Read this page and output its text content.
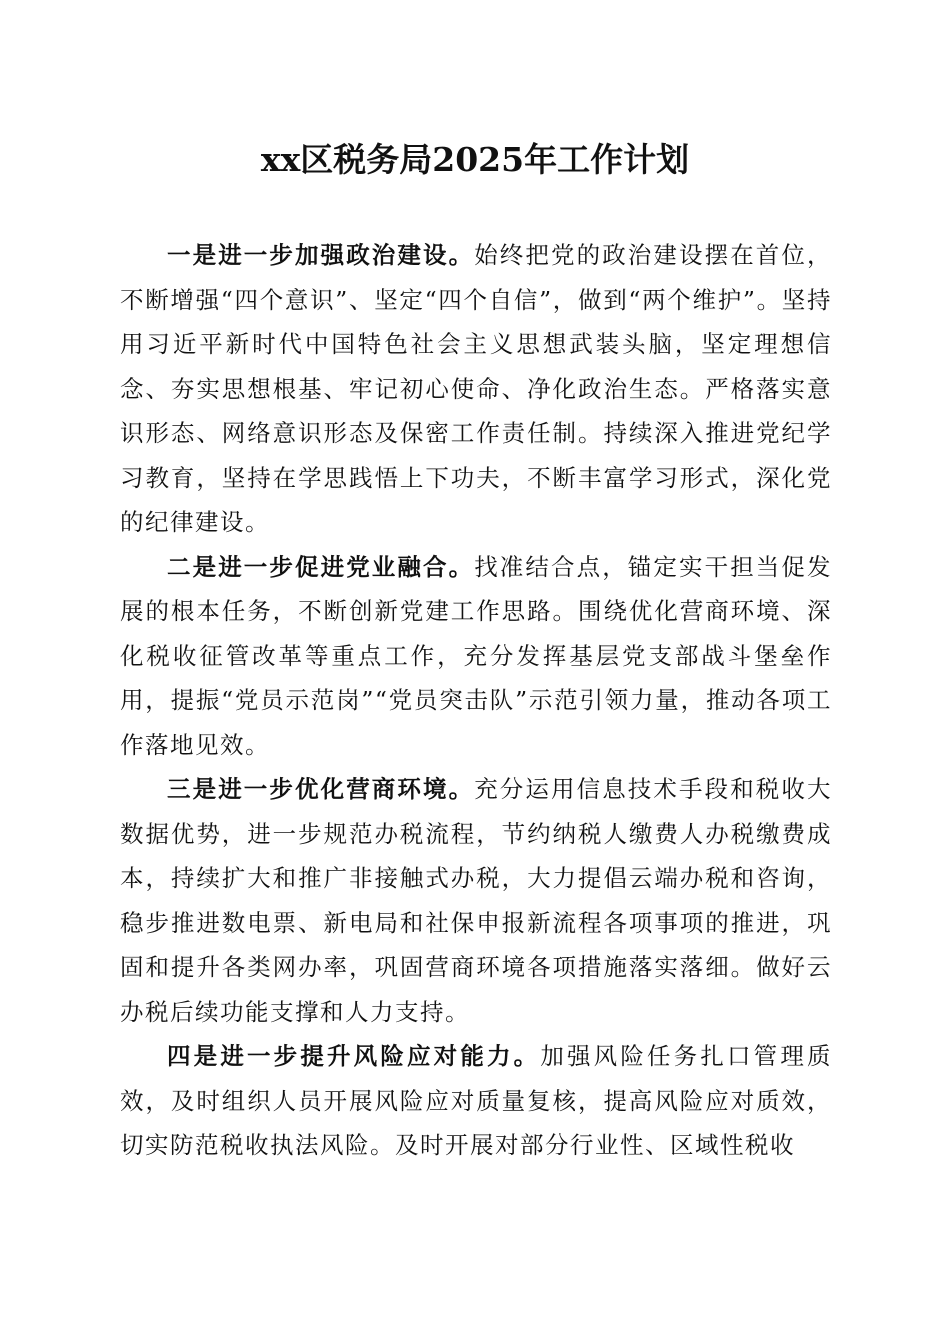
xx区税务局2025年工作计划

一是进一步加强政治建设。始终把党的政治建设摆在首位，不断增强“四个意识”、坚定“四个自信”，做到“两个维护”。坚持用习近平新时代中国特色社会主义思想武装头脑，坚定理想信念、夯实思想根基、牢记初心使命、净化政治生态。严格落实意识形态、网络意识形态及保密工作责任制。持续深入推进党纪学习教育，坚持在学思践悟上下功夫，不断丰富学习形式，深化党的纪律建设。

二是进一步促进党业融合。找准结合点，锚定实干担当促发展的根本任务，不断创新党建工作思路。围绕优化营商环境、深化税收征管改革等重点工作，充分发挥基层党支部战斗堡垒作用，提振“党员示范岗”“党员突击队”示范引领力量，推动各项工作落地见效。

三是进一步优化营商环境。充分运用信息技术手段和税收大数据优势，进一步规范办税流程，节约纳税人缴费人办税缴费成本，持续扩大和推广非接触式办税，大力提倡云端办税和咨询，稳步推进数电票、新电局和社保申报新流程各项事项的推进，巩固和提升各类网办率，巩固营商环境各项措施落实落细。做好云办税后续功能支撑和人力支持。

四是进一步提升风险应对能力。加强风险任务扎口管理质效，及时组织人员开展风险应对质量复核，提高风险应对质效，切实防范税收执法风险。及时开展对部分行业性、区域性税收
